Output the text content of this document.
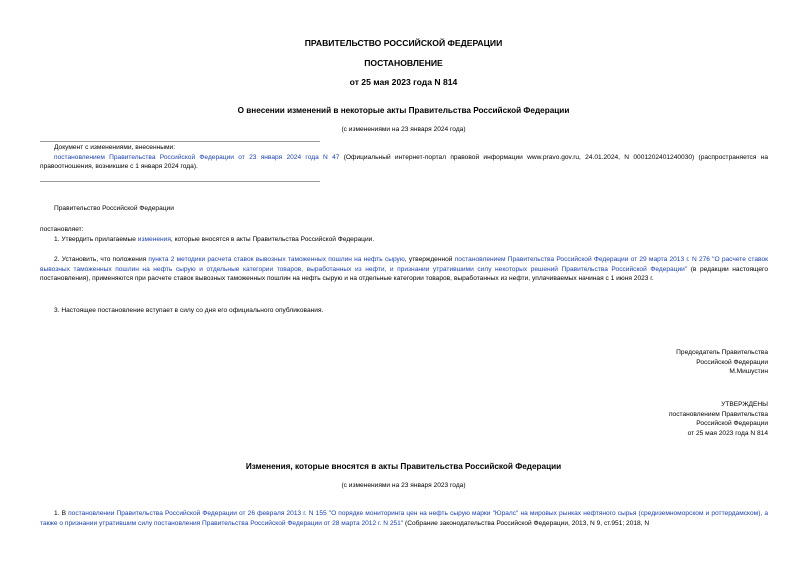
ПРАВИТЕЛЬСТВО РОССИЙСКОЙ ФЕДЕРАЦИИ
ПОСТАНОВЛЕНИЕ
от 25 мая 2023 года N 814
О внесении изменений в некоторые акты Правительства Российской Федерации
(с изменениями на 23 января 2024 года)
Документ с изменениями, внесенными:
постановлением Правительства Российской Федерации от 23 января 2024 года N 47 (Официальный интернет-портал правовой информации www.pravo.gov.ru, 24.01.2024, N 0001202401240030) (распространяется на правоотношения, возникшие с 1 января 2024 года).
Правительство Российской Федерации
постановляет:
1. Утвердить прилагаемые изменения, которые вносятся в акты Правительства Российской Федерации.
2. Установить, что положения пункта 2 методики расчета ставок вывозных таможенных пошлин на нефть сырую, утвержденной постановлением Правительства Российской Федерации от 29 марта 2013 г. N 276 "О расчете ставок вывозных таможенных пошлин на нефть сырую и отдельные категории товаров, выработанных из нефти, и признании утратившими силу некоторых решений Правительства Российской Федерации" (в редакции настоящего постановления), применяются при расчете ставок вывозных таможенных пошлин на нефть сырую и на отдельные категории товаров, выработанных из нефти, уплачиваемых начиная с 1 июня 2023 г.
3. Настоящее постановление вступает в силу со дня его официального опубликования.
Председатель Правительства
Российской Федерации
М.Мишустин
УТВЕРЖДЕНЫ
постановлением Правительства
Российской Федерации
от 25 мая 2023 года N 814
Изменения, которые вносятся в акты Правительства Российской Федерации
(с изменениями на 23 января 2023 года)
1. В постановлении Правительства Российской Федерации от 26 февраля 2013 г. N 155 "О порядке мониторинга цен на нефть сырую марки "Юралс" на мировых рынках нефтяного сырья (средиземноморском и роттердамском), а также о признании утратившим силу постановления Правительства Российской Федерации от 28 марта 2012 г. N 251" (Собрание законодательства Российской Федерации, 2013, N 9, ст.951; 2018, N
